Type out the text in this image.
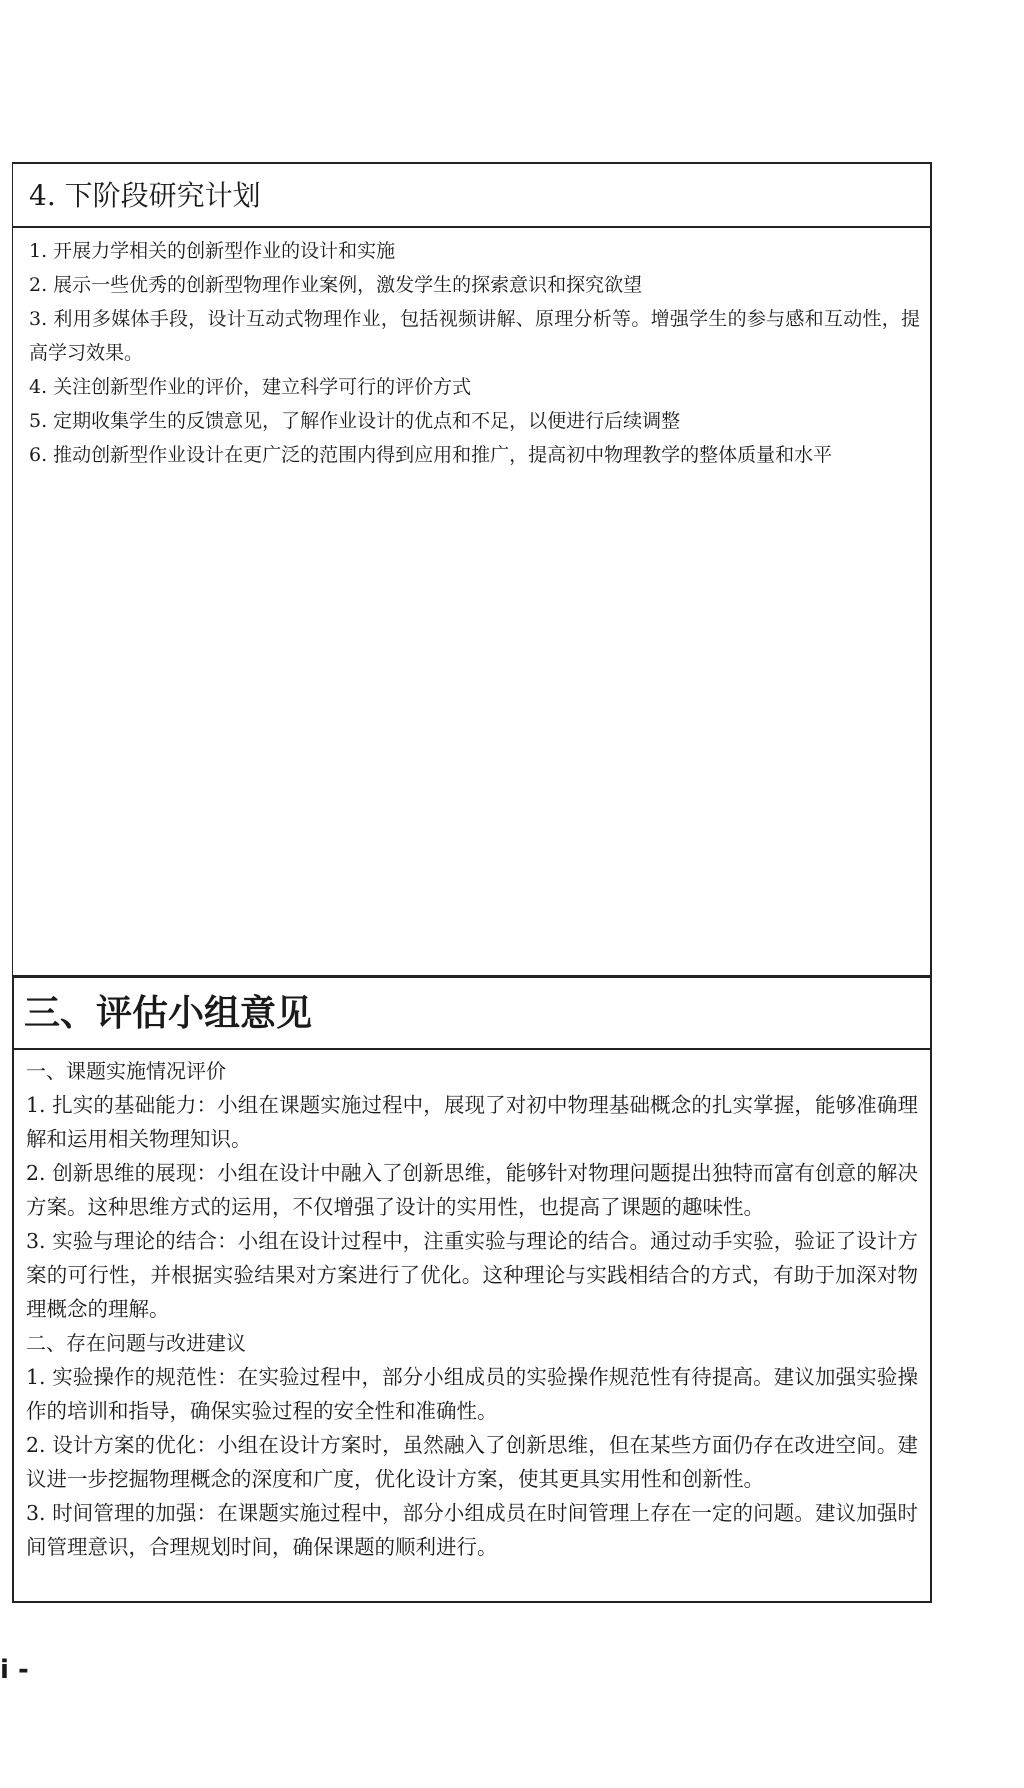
4. 下阶段研究计划

1. 开展力学相关的创新型作业的设计和实施

2. 展示一些优秀的创新型物理作业案例，激发学生的探索意识和探究欲望

3. 利用多媒体手段，设计互动式物理作业，包括视频讲解、原理分析等。增强学生的参与感和互动性，提高学习效果。

4. 关注创新型作业的评价，建立科学可行的评价方式

5. 定期收集学生的反馈意见，了解作业设计的优点和不足，以便进行后续调整

6. 推动创新型作业设计在更广泛的范围内得到应用和推广，提高初中物理教学的整体质量和水平

三、评估小组意见

一、课题实施情况评价

1. 扎实的基础能力：小组在课题实施过程中，展现了对初中物理基础概念的扎实掌握，能够准确理解和运用相关物理知识。

2. 创新思维的展现：小组在设计中融入了创新思维，能够针对物理问题提出独特而富有创意的解决方案。这种思维方式的运用，不仅增强了设计的实用性，也提高了课题的趣味性。

3. 实验与理论的结合：小组在设计过程中，注重实验与理论的结合。通过动手实验，验证了设计方案的可行性，并根据实验结果对方案进行了优化。这种理论与实践相结合的方式，有助于加深对物理概念的理解。

二、存在问题与改进建议

1. 实验操作的规范性：在实验过程中，部分小组成员的实验操作规范性有待提高。建议加强实验操作的培训和指导，确保实验过程的安全性和准确性。

2. 设计方案的优化：小组在设计方案时，虽然融入了创新思维，但在某些方面仍存在改进空间。建议进一步挖掘物理概念的深度和广度，优化设计方案，使其更具实用性和创新性。

3. 时间管理的加强：在课题实施过程中，部分小组成员在时间管理上存在一定的问题。建议加强时间管理意识，合理规划时间，确保课题的顺利进行。

i -
